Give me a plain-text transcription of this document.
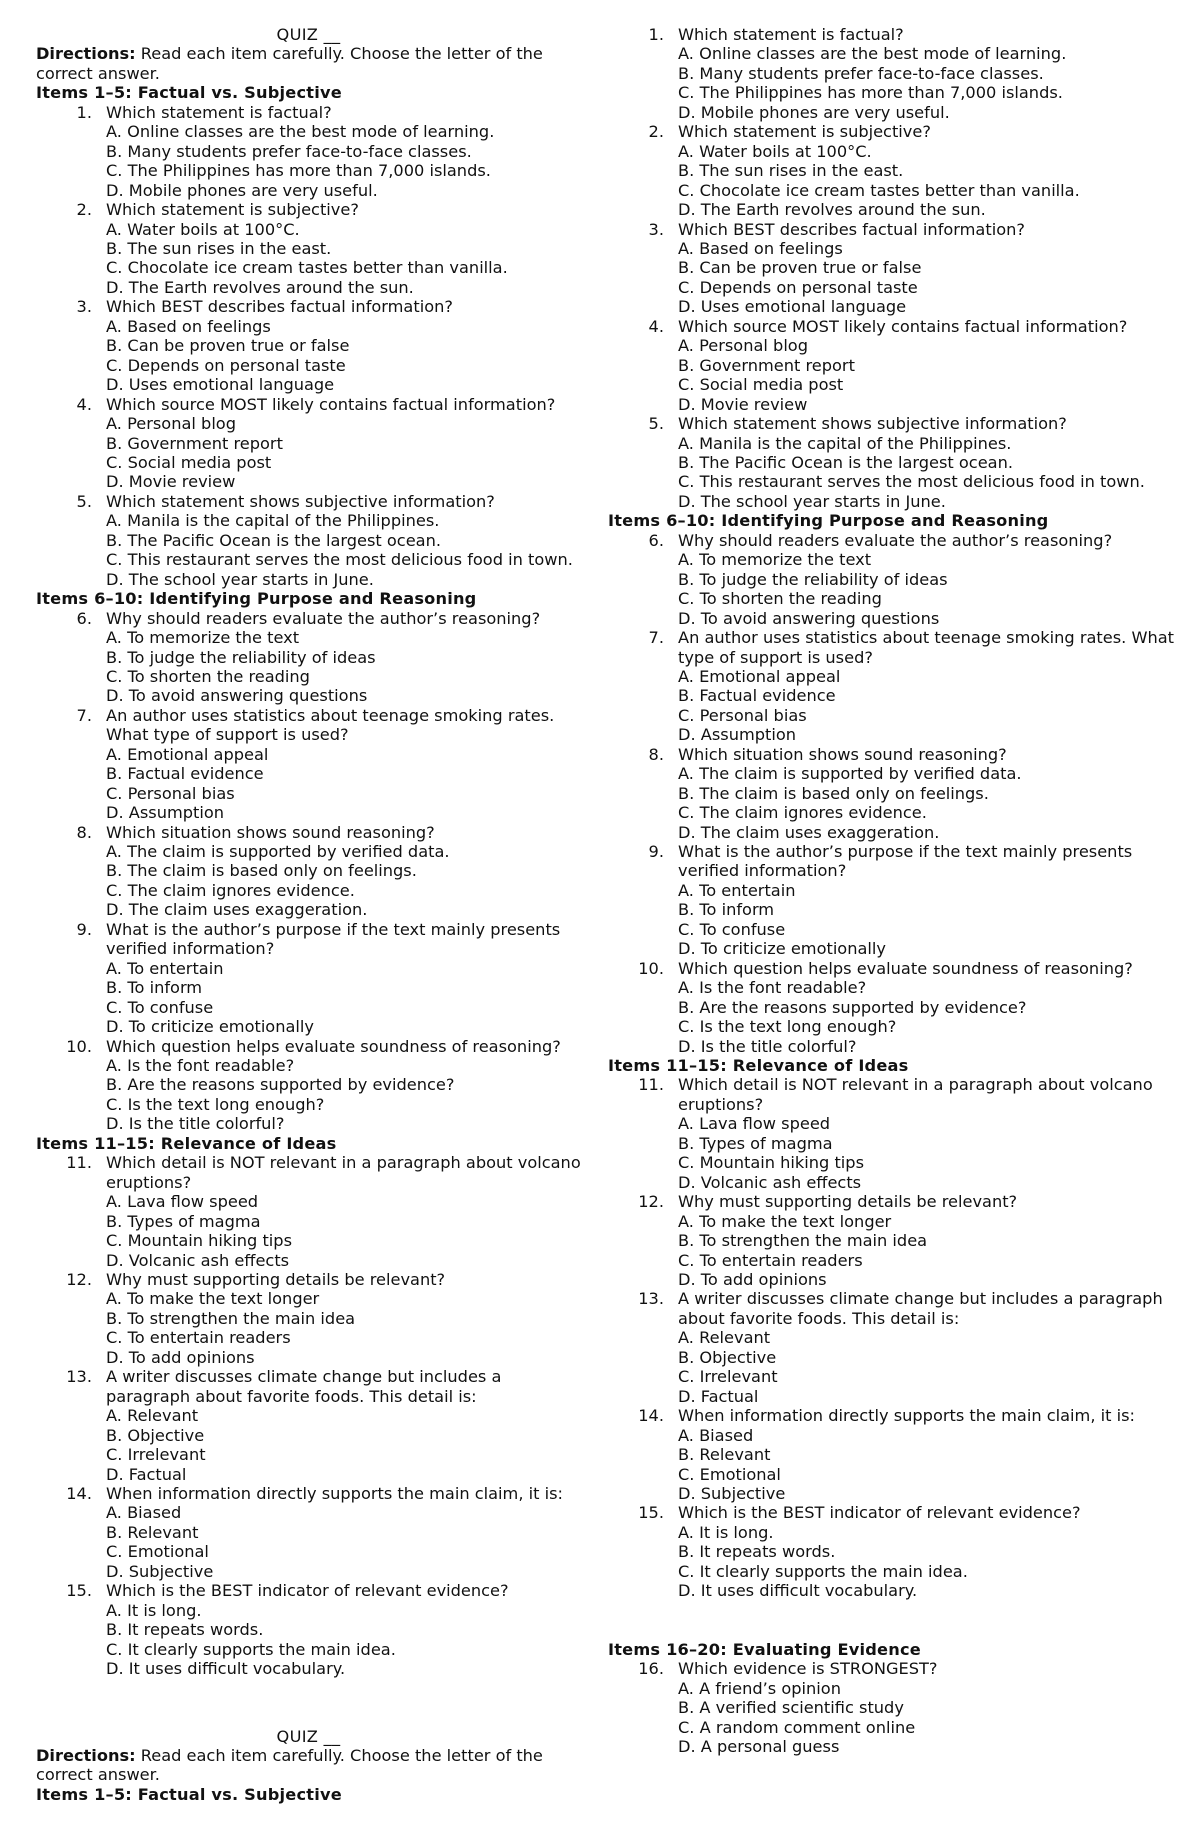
QUIZ __
Directions: Read each item carefully. Choose the letter of the correct answer.
Items 1–5: Factual vs. Subjective
1. Which statement is factual?
A. Online classes are the best mode of learning.
B. Many students prefer face-to-face classes.
C. The Philippines has more than 7,000 islands.
D. Mobile phones are very useful.
2. Which statement is subjective?
A. Water boils at 100°C.
B. The sun rises in the east.
C. Chocolate ice cream tastes better than vanilla.
D. The Earth revolves around the sun.
3. Which BEST describes factual information?
A. Based on feelings
B. Can be proven true or false
C. Depends on personal taste
D. Uses emotional language
4. Which source MOST likely contains factual information?
A. Personal blog
B. Government report
C. Social media post
D. Movie review
5. Which statement shows subjective information?
A. Manila is the capital of the Philippines.
B. The Pacific Ocean is the largest ocean.
C. This restaurant serves the most delicious food in town.
D. The school year starts in June.
Items 6–10: Identifying Purpose and Reasoning
6. Why should readers evaluate the author’s reasoning?
A. To memorize the text
B. To judge the reliability of ideas
C. To shorten the reading
D. To avoid answering questions
7. An author uses statistics about teenage smoking rates. What type of support is used?
A. Emotional appeal
B. Factual evidence
C. Personal bias
D. Assumption
8. Which situation shows sound reasoning?
A. The claim is supported by verified data.
B. The claim is based only on feelings.
C. The claim ignores evidence.
D. The claim uses exaggeration.
9. What is the author’s purpose if the text mainly presents verified information?
A. To entertain
B. To inform
C. To confuse
D. To criticize emotionally
10. Which question helps evaluate soundness of reasoning?
A. Is the font readable?
B. Are the reasons supported by evidence?
C. Is the text long enough?
D. Is the title colorful?
Items 11–15: Relevance of Ideas
11. Which detail is NOT relevant in a paragraph about volcano eruptions?
A. Lava flow speed
B. Types of magma
C. Mountain hiking tips
D. Volcanic ash effects
12. Why must supporting details be relevant?
A. To make the text longer
B. To strengthen the main idea
C. To entertain readers
D. To add opinions
13. A writer discusses climate change but includes a paragraph about favorite foods. This detail is:
A. Relevant
B. Objective
C. Irrelevant
D. Factual
14. When information directly supports the main claim, it is:
A. Biased
B. Relevant
C. Emotional
D. Subjective
15. Which is the BEST indicator of relevant evidence?
A. It is long.
B. It repeats words.
C. It clearly supports the main idea.
D. It uses difficult vocabulary.
QUIZ __
Directions: Read each item carefully. Choose the letter of the correct answer.
Items 1–5: Factual vs. Subjective
1. Which statement is factual?
A. Online classes are the best mode of learning.
B. Many students prefer face-to-face classes.
C. The Philippines has more than 7,000 islands.
D. Mobile phones are very useful.
2. Which statement is subjective?
A. Water boils at 100°C.
B. The sun rises in the east.
C. Chocolate ice cream tastes better than vanilla.
D. The Earth revolves around the sun.
3. Which BEST describes factual information?
A. Based on feelings
B. Can be proven true or false
C. Depends on personal taste
D. Uses emotional language
4. Which source MOST likely contains factual information?
A. Personal blog
B. Government report
C. Social media post
D. Movie review
5. Which statement shows subjective information?
A. Manila is the capital of the Philippines.
B. The Pacific Ocean is the largest ocean.
C. This restaurant serves the most delicious food in town.
D. The school year starts in June.
Items 6–10: Identifying Purpose and Reasoning
6. Why should readers evaluate the author’s reasoning?
A. To memorize the text
B. To judge the reliability of ideas
C. To shorten the reading
D. To avoid answering questions
7. An author uses statistics about teenage smoking rates. What type of support is used?
A. Emotional appeal
B. Factual evidence
C. Personal bias
D. Assumption
8. Which situation shows sound reasoning?
A. The claim is supported by verified data.
B. The claim is based only on feelings.
C. The claim ignores evidence.
D. The claim uses exaggeration.
9. What is the author’s purpose if the text mainly presents verified information?
A. To entertain
B. To inform
C. To confuse
D. To criticize emotionally
10. Which question helps evaluate soundness of reasoning?
A. Is the font readable?
B. Are the reasons supported by evidence?
C. Is the text long enough?
D. Is the title colorful?
Items 11–15: Relevance of Ideas
11. Which detail is NOT relevant in a paragraph about volcano eruptions?
A. Lava flow speed
B. Types of magma
C. Mountain hiking tips
D. Volcanic ash effects
12. Why must supporting details be relevant?
A. To make the text longer
B. To strengthen the main idea
C. To entertain readers
D. To add opinions
13. A writer discusses climate change but includes a paragraph about favorite foods. This detail is:
A. Relevant
B. Objective
C. Irrelevant
D. Factual
14. When information directly supports the main claim, it is:
A. Biased
B. Relevant
C. Emotional
D. Subjective
15. Which is the BEST indicator of relevant evidence?
A. It is long.
B. It repeats words.
C. It clearly supports the main idea.
D. It uses difficult vocabulary.
Items 16–20: Evaluating Evidence
16. Which evidence is STRONGEST?
A. A friend’s opinion
B. A verified scientific study
C. A random comment online
D. A personal guess
